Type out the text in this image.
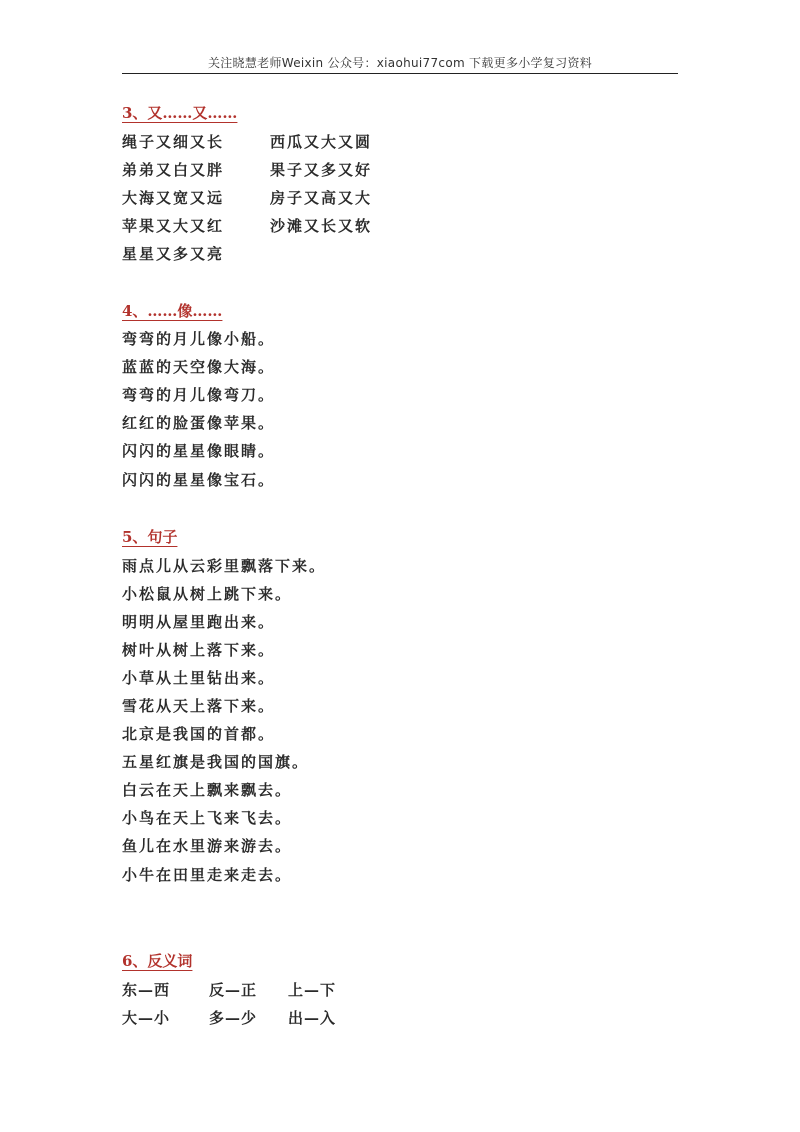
关注晓慧老师Weixin 公众号：xiaohui77com 下载更多小学复习资料
3、又……又……
绳子又细又长
弟弟又白又胖
大海又宽又远
苹果又大又红
星星又多又亮
西瓜又大又圆
果子又多又好
房子又高又大
沙滩又长又软
4、……像……
弯弯的月儿像小船。
蓝蓝的天空像大海。
弯弯的月儿像弯刀。
红红的脸蛋像苹果。
闪闪的星星像眼睛。
闪闪的星星像宝石。
5、句子
雨点儿从云彩里飘落下来。
小松鼠从树上跳下来。
明明从屋里跑出来。
树叶从树上落下来。
小草从土里钻出来。
雪花从天上落下来。
北京是我国的首都。
五星红旗是我国的国旗。
白云在天上飘来飘去。
小鸟在天上飞来飞去。
鱼儿在水里游来游去。
小牛在田里走来走去。
6、反义词
东—西	反—正 上—下
大—小	多—少 出—入
